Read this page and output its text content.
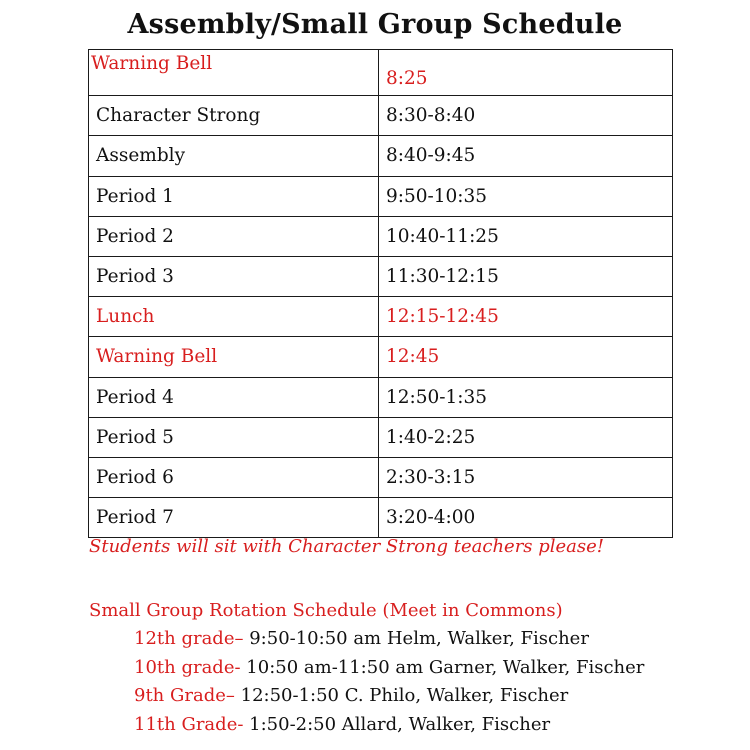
Assembly/Small Group Schedule
Warning Bell	8:25
Character Strong	8:30-8:40
Assembly	8:40-9:45
Period 1	9:50-10:35
Period 2	10:40-11:25
Period 3	11:30-12:15
Lunch	12:15-12:45
Warning Bell	12:45
Period 4	12:50-1:35
Period 5	1:40-2:25
Period 6	2:30-3:15
Period 7	3:20-4:00
Students will sit with Character Strong teachers please!
Small Group Rotation Schedule (Meet in Commons)
12th grade– 9:50-10:50 am Helm, Walker, Fischer
10th grade- 10:50 am-11:50 am Garner, Walker, Fischer
9th Grade– 12:50-1:50 C. Philo, Walker, Fischer
11th Grade- 1:50-2:50 Allard, Walker, Fischer
